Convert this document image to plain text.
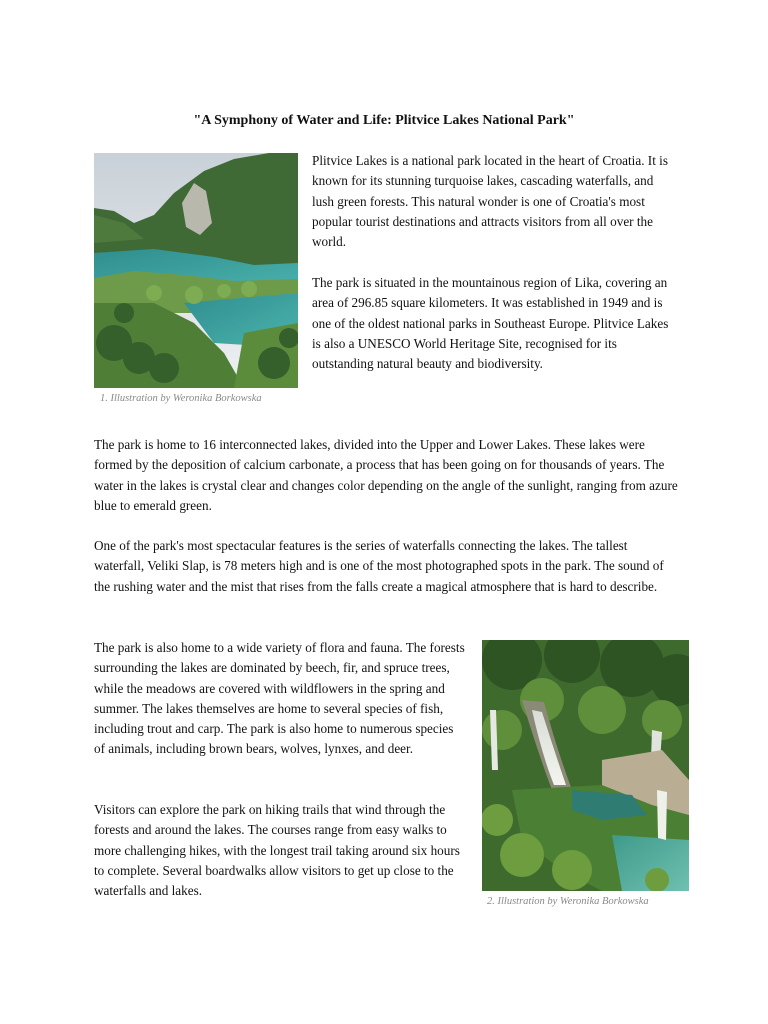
"A Symphony of Water and Life: Plitvice Lakes National Park"
1. Illustration by Weronika Borkowska

Plitvice Lakes is a national park located in the heart of Croatia. It is known for its stunning turquoise lakes, cascading waterfalls, and lush green forests. This natural wonder is one of Croatia's most popular tourist destinations and attracts visitors from all over the world.

The park is situated in the mountainous region of Lika, covering an area of 296.85 square kilometers. It was established in 1949 and is one of the oldest national parks in Southeast Europe. Plitvice Lakes is also a UNESCO World Heritage Site, recognised for its outstanding natural beauty and biodiversity.

The park is home to 16 interconnected lakes, divided into the Upper and Lower Lakes. These lakes were formed by the deposition of calcium carbonate, a process that has been going on for thousands of years. The water in the lakes is crystal clear and changes color depending on the angle of the sunlight, ranging from azure blue to emerald green.

One of the park's most spectacular features is the series of waterfalls connecting the lakes. The tallest waterfall, Veliki Slap, is 78 meters high and is one of the most photographed spots in the park. The sound of the rushing water and the mist that rises from the falls create a magical atmosphere that is hard to describe.

The park is also home to a wide variety of flora and fauna. The forests surrounding the lakes are dominated by beech, fir, and spruce trees, while the meadows are covered with wildflowers in the spring and summer. The lakes themselves are home to several species of fish, including trout and carp. The park is also home to numerous species of animals, including brown bears, wolves, lynxes, and deer.

Visitors can explore the park on hiking trails that wind through the forests and around the lakes. The courses range from easy walks to more challenging hikes, with the longest trail taking around six hours to complete. Several boardwalks allow visitors to get up close to the waterfalls and lakes.

2. Illustration by Weronika Borkowska
